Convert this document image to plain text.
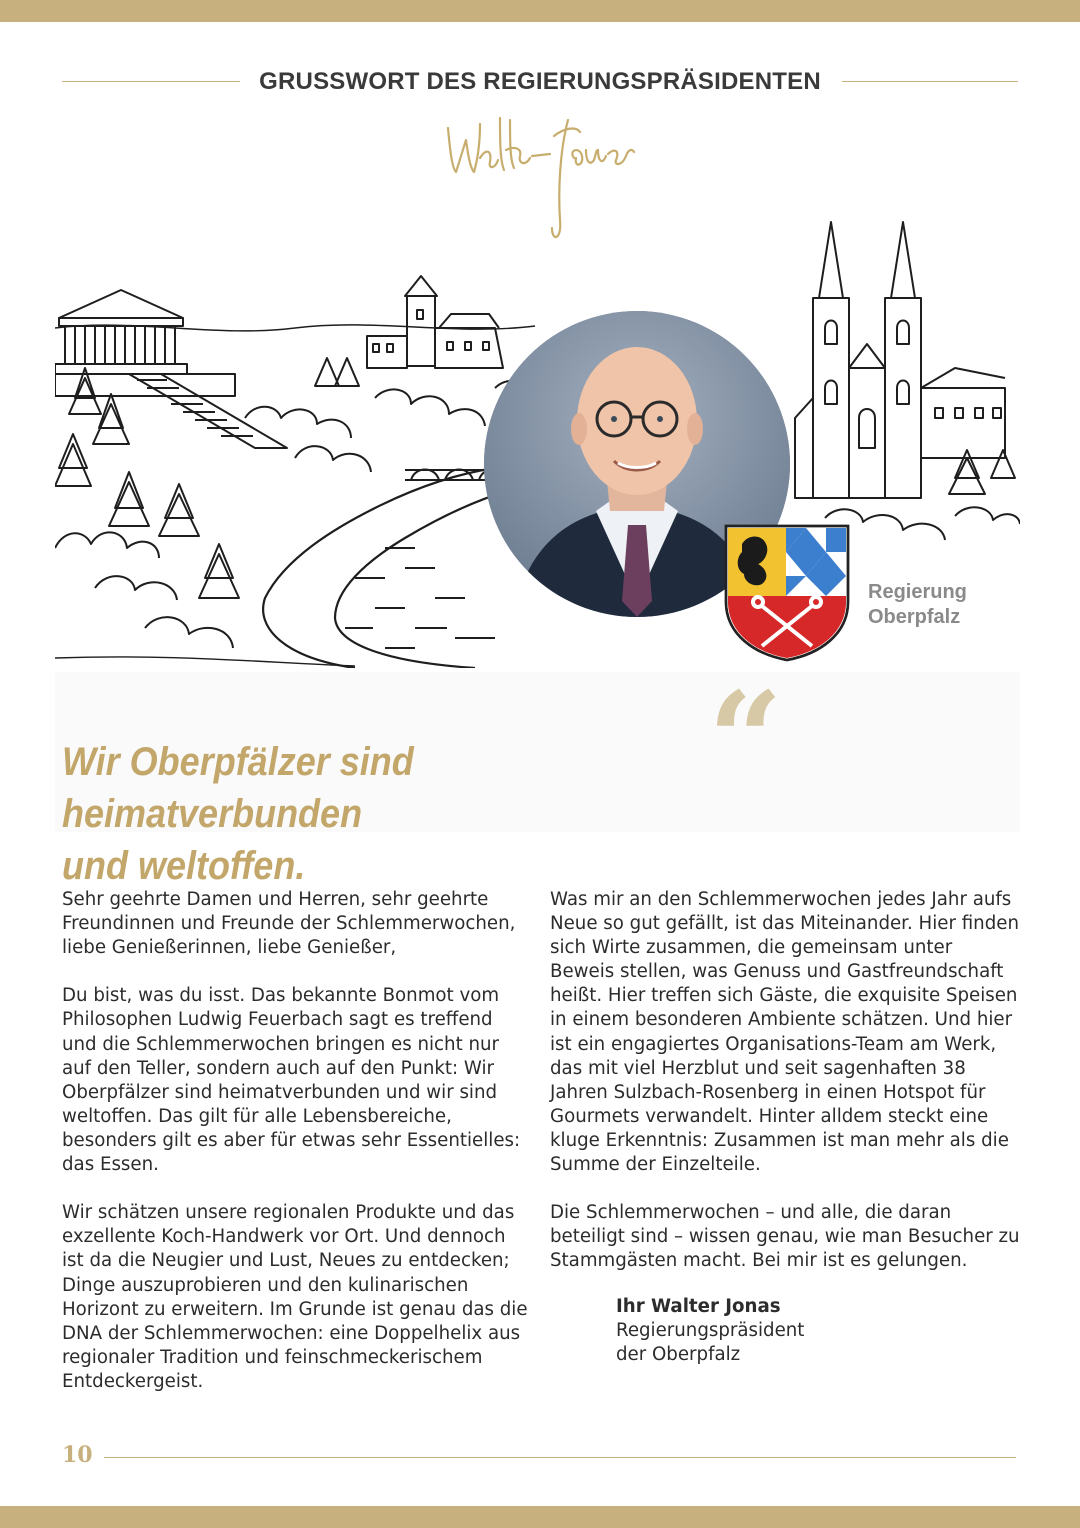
GRUSSWORT DES REGIERUNGSPRÄSIDENTEN
Regierung
Oberpfalz
“
Wir Oberpfälzer sind heimatverbunden
und weltoffen.

Sehr geehrte Damen und Herren, sehr geehrte Freundinnen und Freunde der Schlemmerwochen, liebe Genießerinnen, liebe Genießer,

Du bist, was du isst. Das bekannte Bonmot vom Philosophen Ludwig Feuerbach sagt es treffend und die Schlemmerwochen bringen es nicht nur auf den Teller, sondern auch auf den Punkt: Wir Oberpfälzer sind heimatverbunden und wir sind weltoffen. Das gilt für alle Lebensbereiche, besonders gilt es aber für etwas sehr Essentielles: das Essen.

Wir schätzen unsere regionalen Produkte und das exzellente Koch-Handwerk vor Ort. Und dennoch ist da die Neugier und Lust, Neues zu entdecken; Dinge auszuprobieren und den kulinarischen Horizont zu erweitern. Im Grunde ist genau das die DNA der Schlemmerwochen: eine Doppelhelix aus regionaler Tradition und feinschmeckerischem Entdeckergeist.

Was mir an den Schlemmerwochen jedes Jahr aufs Neue so gut gefällt, ist das Miteinander. Hier finden sich Wirte zusammen, die gemeinsam unter Beweis stellen, was Genuss und Gastfreundschaft heißt. Hier treffen sich Gäste, die exquisite Speisen in einem besonderen Ambiente schätzen. Und hier ist ein engagiertes Organisations-Team am Werk, das mit viel Herzblut und seit sagenhaften 38 Jahren Sulzbach-Rosenberg in einen Hotspot für Gourmets verwandelt. Hinter alldem steckt eine kluge Erkenntnis: Zusammen ist man mehr als die Summe der Einzelteile.

Die Schlemmerwochen – und alle, die daran beteiligt sind – wissen genau, wie man Besucher zu Stammgästen macht. Bei mir ist es gelungen.

Ihr Walter Jonas
Regierungspräsident
der Oberpfalz
10
